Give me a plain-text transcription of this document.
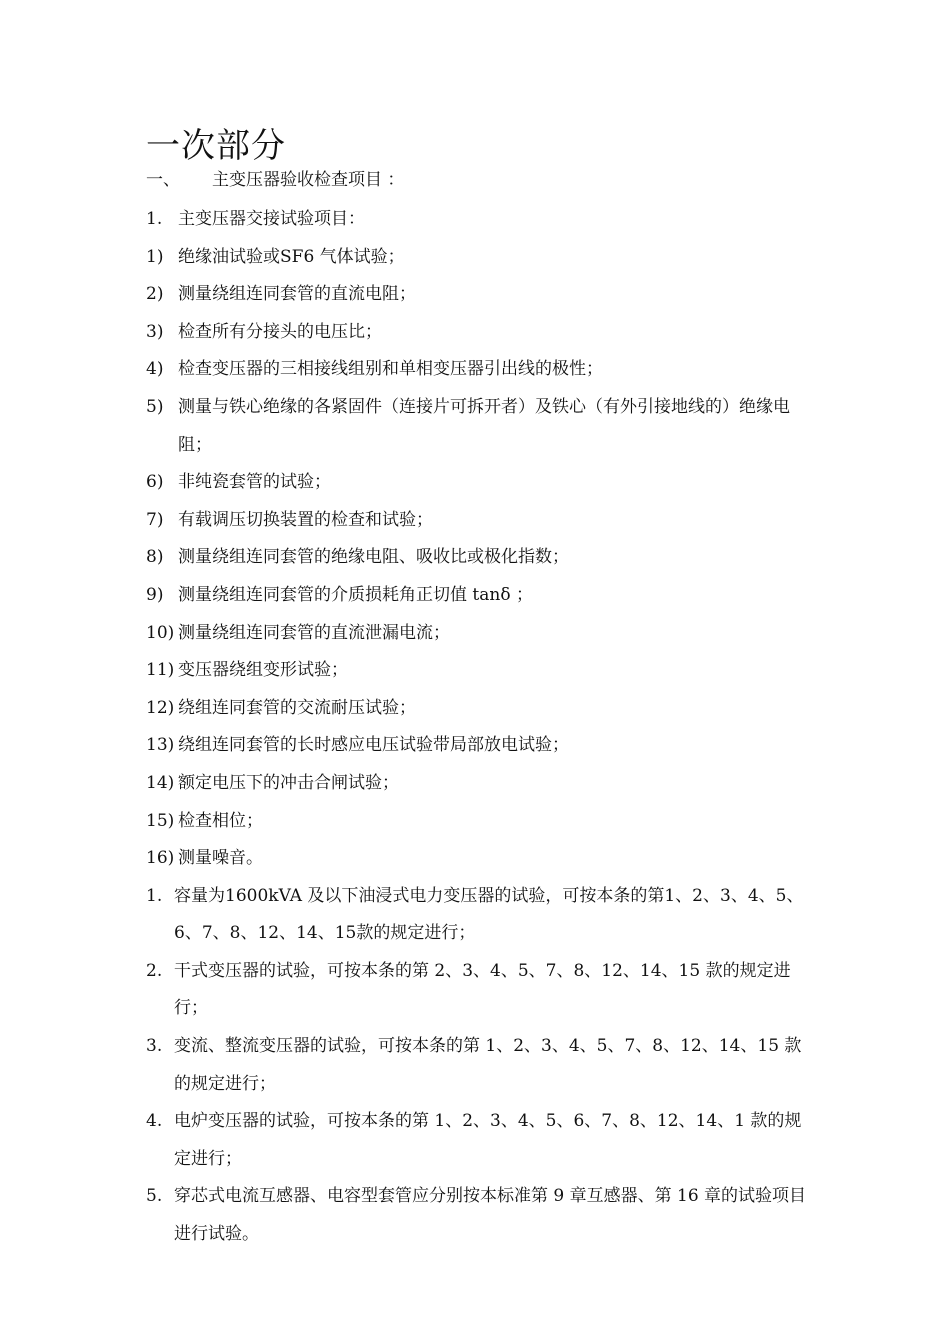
一次部分
一、 主变压器验收检查项目 ：
1. 主变压器交接试验项目：
1) 绝缘油试验或SF6 气体试验；
2) 测量绕组连同套管的直流电阻；
3) 检查所有分接头的电压比；
4) 检查变压器的三相接线组别和单相变压器引出线的极性；
5) 测量与铁心绝缘的各紧固件（连接片可拆开者）及铁心（有外引接地线的）绝缘电阻；
6) 非纯瓷套管的试验；
7) 有载调压切换装置的检查和试验；
8) 测量绕组连同套管的绝缘电阻、吸收比或极化指数；
9) 测量绕组连同套管的介质损耗角正切值 tanδ ；
10) 测量绕组连同套管的直流泄漏电流；
11) 变压器绕组变形试验；
12) 绕组连同套管的交流耐压试验；
13) 绕组连同套管的长时感应电压试验带局部放电试验；
14) 额定电压下的冲击合闸试验；
15) 检查相位；
16) 测量噪音。
1. 容量为1600kVA 及以下油浸式电力变压器的试验，可按本条的第1、2、3、4、5、6、7、8、12、14、15款的规定进行；
2. 干式变压器的试验，可按本条的第 2、3、4、5、7、8、12、14、15 款的规定进行；
3. 变流、整流变压器的试验，可按本条的第 1、2、3、4、5、7、8、12、14、15 款的规定进行；
4. 电炉变压器的试验，可按本条的第 1、2、3、4、5、6、7、8、12、14、1 款的规定进行；
5. 穿芯式电流互感器、电容型套管应分别按本标准第 9 章互感器、第 16 章的试验项目进行试验。
